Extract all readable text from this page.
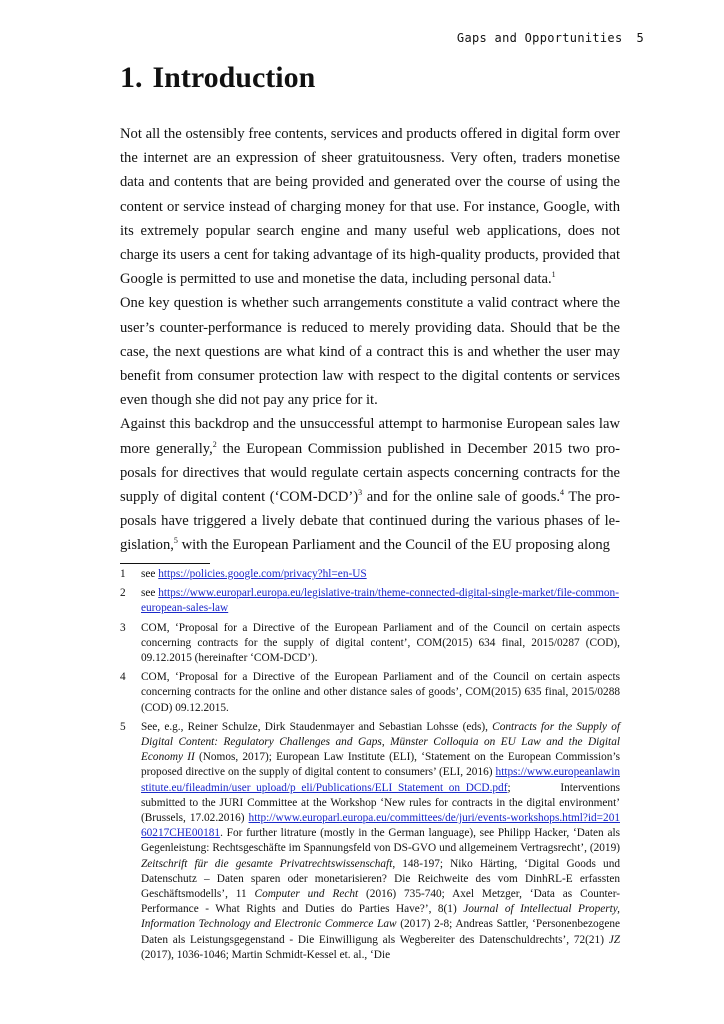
Gaps and Opportunities 5
1. Introduction

Not all the ostensibly free contents, services and products offered in digital form over the internet are an expression of sheer gratuitousness. Very often, traders monetise data and contents that are being provided and generated over the course of using the content or service instead of charging money for that use. For instance, Google, with its extremely popular search engine and many useful web applications, does not charge its users a cent for taking advantage of its high-quality products, provided that Google is permitted to use and monetise the data, including personal data.$^1$

One key question is whether such arrangements constitute a valid contract where the user’s counter-performance is reduced to merely providing data. Should that be the case, the next questions are what kind of a contract this is and whether the user may benefit from consumer protection law with respect to the digital contents or services even though she did not pay any price for it.

Against this backdrop and the unsuccessful attempt to harmonise European sales law more generally,$^2$ the European Commission published in December 2015 two proposals for directives that would regulate certain aspects concerning contracts for the supply of digital content (‘COM-DCD’)$^3$ and for the online sale of goods.$^4$ The proposals have triggered a lively debate that continued during the various phases of legislation,$^5$ with the European Parliament and the Council of the EU proposing along

1	see https://policies.google.com/privacy?hl=en-US
2	see https://www.europarl.europa.eu/legislative-train/theme-connected-digital-single-market/file-common-european-sales-law
3	COM, ‘Proposal for a Directive of the European Parliament and of the Council on certain aspects concerning contracts for the supply of digital content’, COM(2015) 634 final, 2015/0287 (COD), 09.12.2015 (hereinafter ‘COM-DCD’).
4	COM, ‘Proposal for a Directive of the European Parliament and of the Council on certain aspects concerning contracts for the online and other distance sales of goods’, COM(2015) 635 final, 2015/0288 (COD) 09.12.2015.
5	See, e.g., Reiner Schulze, Dirk Staudenmayer and Sebastian Lohsse (eds), Contracts for the Supply of Digital Content: Regulatory Challenges and Gaps, Münster Colloquia on EU Law and the Digital Economy II (Nomos, 2017); European Law Institute (ELI), ‘Statement on the European Commission’s proposed directive on the supply of digital content to consumers’ (ELI, 2016) https://www.europeanlawinstitute.eu/fileadmin/user_upload/p_eli/Publications/ELI_Statement_on_DCD.pdf; Interventions submitted to the JURI Committee at the Workshop ‘New rules for contracts in the digital environment’ (Brussels, 17.02.2016) http://www.europarl.europa.eu/committees/de/juri/events-workshops.html?id=20160217CHE00181. For further litrature (mostly in the German language), see Philipp Hacker, ‘Daten als Gegenleistung: Rechtsgeschäfte im Spannungsfeld von DS-GVO und allgemeinem Vertragsrecht’, (2019) Zeitschrift für die gesamte Privatrechtswissenschaft, 148-197; Niko Härting, ‘Digital Goods und Datenschutz – Daten sparen oder monetarisieren? Die Reichweite des vom DinhRL-E erfassten Geschäftsmodells’, 11 Computer und Recht (2016) 735-740; Axel Metzger, ‘Data as Counter-Performance - What Rights and Duties do Parties Have?’, 8(1) Journal of Intellectual Property, Information Technology and Electronic Commerce Law (2017) 2-8; Andreas Sattler, ‘Personenbezogene Daten als Leistungsgegenstand - Die Einwilligung als Wegbereiter des Datenschuldrechts’, 72(21) JZ (2017), 1036-1046; Martin Schmidt-Kessel et. al., ‘Die
